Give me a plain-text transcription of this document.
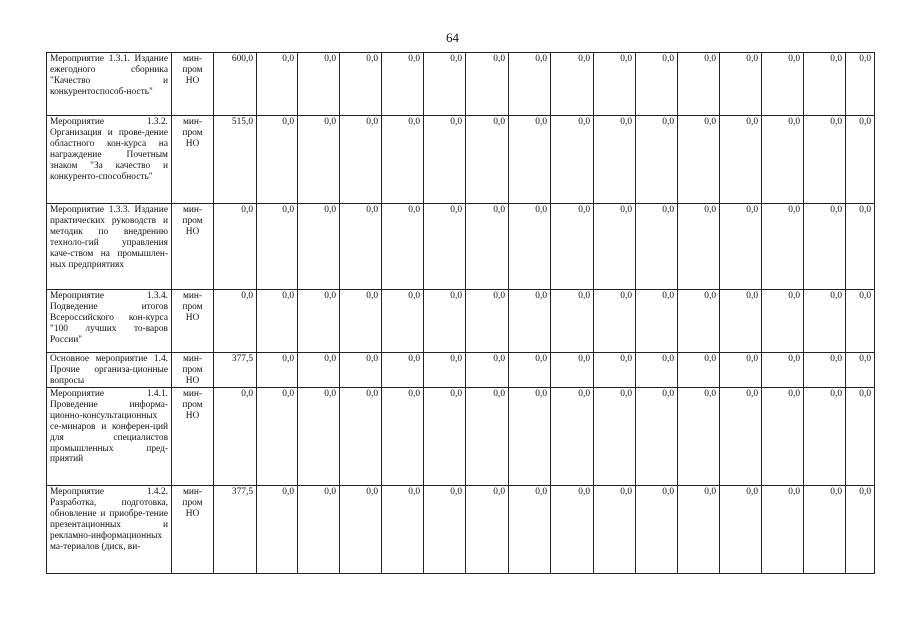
64
Мероприятие 1.3.1. Издание ежегодного сборника "Качество и конкурентоспособ-ность"	мин-пром НО	600,0	0,0	0,0	0,0	0,0	0,0	0,0	0,0	0,0	0,0	0,0	0,0	0,0	0,0	0,0	0,0
Мероприятие 1.3.2. Организация и прове-дение областного кон-курса на награждение Почетным знаком "За качество и конкуренто-способность"	мин-пром НО	515,0	0,0	0,0	0,0	0,0	0,0	0,0	0,0	0,0	0,0	0,0	0,0	0,0	0,0	0,0	0,0
Мероприятие 1.3.3. Издание практических руководств и методик по внедрению техноло-гий управления каче-ством на промышлен-ных предприятиях	мин-пром НО	0,0	0,0	0,0	0,0	0,0	0,0	0,0	0,0	0,0	0,0	0,0	0,0	0,0	0,0	0,0	0,0
Мероприятие 1.3.4. Подведение итогов Всероссийского кон-курса "100 лучших то-варов России"	мин-пром НО	0,0	0,0	0,0	0,0	0,0	0,0	0,0	0,0	0,0	0,0	0,0	0,0	0,0	0,0	0,0	0,0
Основное мероприятие 1.4. Прочие организа-ционные вопросы	мин-пром НО	377,5	0,0	0,0	0,0	0,0	0,0	0,0	0,0	0,0	0,0	0,0	0,0	0,0	0,0	0,0	0,0
Мероприятие 1.4.1. Проведение информа-ционно-консультационных се-минаров и конферен-ций для специалистов промышленных пред-приятий	мин-пром НО	0,0	0,0	0,0	0,0	0,0	0,0	0,0	0,0	0,0	0,0	0,0	0,0	0,0	0,0	0,0	0,0
Мероприятие 1.4.2. Разработка, подготовка, обновление и приобре-тение презентационных и рекламно-информационных ма-териалов (диск, ви-	мин-пром НО	377,5	0,0	0,0	0,0	0,0	0,0	0,0	0,0	0,0	0,0	0,0	0,0	0,0	0,0	0,0	0,0
